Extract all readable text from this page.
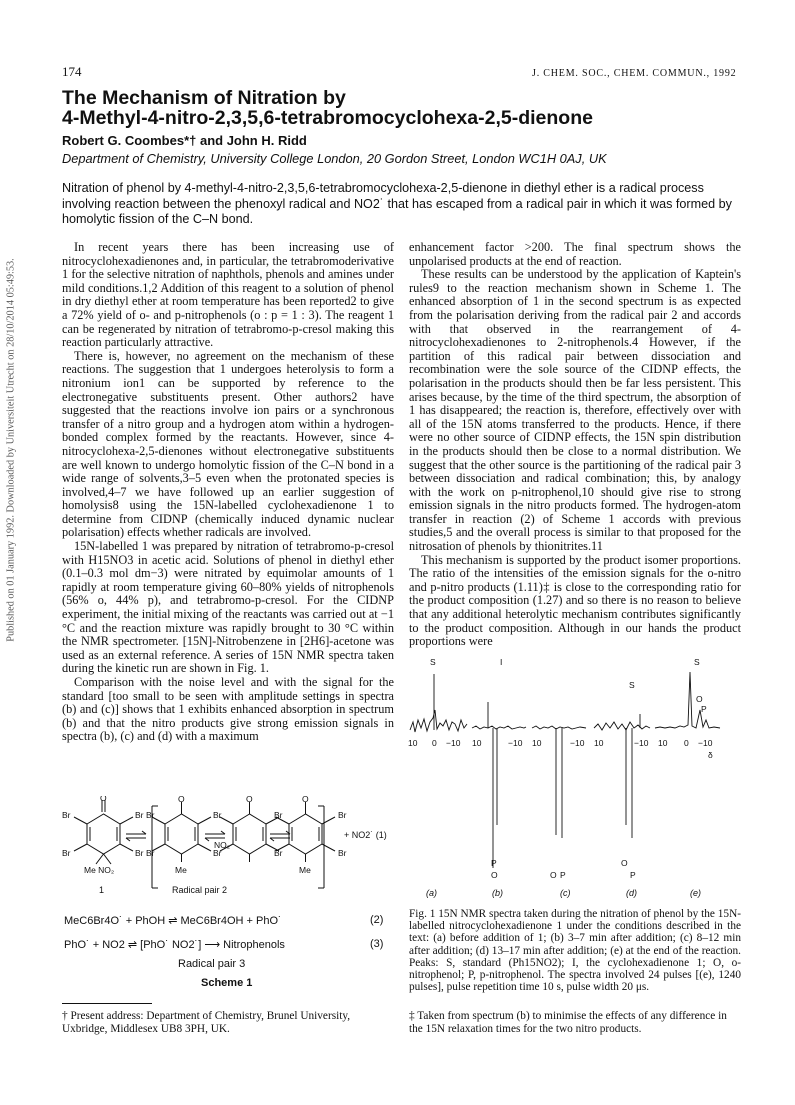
Published on 01 January 1992. Downloaded by Universiteit Utrecht on 28/10/2014 05:49:53.
174	J. CHEM. SOC., CHEM. COMMUN., 1992
The Mechanism of Nitration by
4-Methyl-4-nitro-2,3,5,6-tetrabromocyclohexa-2,5-dienone
Robert G. Coombes*† and John H. Ridd
Department of Chemistry, University College London, 20 Gordon Street, London WC1H 0AJ, UK
Nitration of phenol by 4-methyl-4-nitro-2,3,5,6-tetrabromocyclohexa-2,5-dienone in diethyl ether is a radical process involving reaction between the phenoxyl radical and NO2˙ that has escaped from a radical pair in which it was formed by homolytic fission of the C–N bond.

In recent years there has been increasing use of nitrocyclohexadienones and, in particular, the tetrabromoderivative 1 for the selective nitration of naphthols, phenols and amines under mild conditions.1,2 Addition of this reagent to a solution of phenol in dry diethyl ether at room temperature has been reported2 to give a 72% yield of o- and p-nitrophenols (o : p = 1 : 3). The reagent 1 can be regenerated by nitration of tetrabromo-p-cresol making this reaction particularly attractive.

There is, however, no agreement on the mechanism of these reactions. The suggestion that 1 undergoes heterolysis to form a nitronium ion1 can be supported by reference to the electronegative substituents present. Other authors2 have suggested that the reactions involve ion pairs or a synchronous transfer of a nitro group and a hydrogen atom within a hydrogen-bonded complex formed by the reactants. However, since 4-nitrocyclohexa-2,5-dienones without electronegative substituents are well known to undergo homolytic fission of the C–N bond in a wide range of solvents,3–5 even when the protonated species is involved,4–7 we have followed up an earlier suggestion of homolysis8 using the 15N-labelled cyclohexadienone 1 to determine from CIDNP (chemically induced dynamic nuclear polarisation) effects whether radicals are involved.

15N-labelled 1 was prepared by nitration of tetrabromo-p-cresol with H15NO3 in acetic acid. Solutions of phenol in diethyl ether (0.1–0.3 mol dm−3) were nitrated by equimolar amounts of 1 rapidly at room temperature giving 60–80% yields of nitrophenols (56% o, 44% p), and tetrabromo-p-cresol. For the CIDNP experiment, the initial mixing of the reactants was carried out at −1 °C and the reaction mixture was rapidly brought to 30 °C within the NMR spectrometer. [15N]-Nitrobenzene in [2H6]-acetone was used as an external reference. A series of 15N NMR spectra taken during the kinetic run are shown in Fig. 1.

Comparison with the noise level and with the signal for the standard [too small to be seen with amplitude settings in spectra (b) and (c)] shows that 1 exhibits enhanced absorption in spectrum (b) and that the nitro products give strong emission signals in spectra (b), (c) and (d) with a maximum

enhancement factor >200. The final spectrum shows the unpolarised products at the end of reaction.

These results can be understood by the application of Kaptein's rules9 to the reaction mechanism shown in Scheme 1. The enhanced absorption of 1 in the second spectrum is as expected from the polarisation deriving from the radical pair 2 and accords with that observed in the rearrangement of 4-nitrocyclohexadienones to 2-nitrophenols.4 However, if the partition of this radical pair between dissociation and recombination were the sole source of the CIDNP effects, the polarisation in the products should then be far less persistent. This arises because, by the time of the third spectrum, the absorption of 1 has disappeared; the reaction is, therefore, effectively over with all of the 15N atoms transferred to the products. Hence, if there were no other source of CIDNP effects, the 15N spin distribution in the products should then be close to a normal distribution. We suggest that the other source is the partitioning of the radical pair 3 between dissociation and radical combination; this, by analogy with the work on p-nitrophenol,10 should give rise to strong emission signals in the nitro products formed. The hydrogen-atom transfer in reaction (2) of Scheme 1 accords with previous studies,5 and the overall process is similar to that proposed for the nitrosation of phenols by thionitrites.11

This mechanism is supported by the product isomer proportions. The ratio of the intensities of the emission signals for the o-nitro and p-nitro products (1.11)‡ is close to the corresponding ratio for the product composition (1.27) and so there is no reason to believe that any additional heterolytic mechanism contributes significantly to the product composition. Although in our hands the product proportions were

O
Br	Br
Br	Br
Me NO₂
O
Br	Br
Br	Br
Me
O
NO₂
O
Br	Br
Br	Br
Me
+ NO2˙ (1)
1	Radical pair 2
MeC6Br4O˙ + PhOH ⇌ MeC6Br4OH + PhO˙	(2)
PhO˙ + NO2 ⇌ [PhO˙ NO2˙] ⟶ Nitrophenols	(3)
Radical pair 3
Scheme 1
S	I
S
S
O
P
P
O	O P
O
P
10 0 −10 10	−10 10	−10 10	−10 10 0 −10
δ
(a)	(b)	(c)	(d)	(e)
Fig. 1 15N NMR spectra taken during the nitration of phenol by the 15N-labelled nitrocyclohexadienone 1 under the conditions described in the text: (a) before addition of 1; (b) 3–7 min after addition; (c) 8–12 min after addition; (d) 13–17 min after addition; (e) at the end of the reaction. Peaks: S, standard (Ph15NO2); I, the cyclohexadienone 1; O, o-nitrophenol; P, p-nitrophenol. The spectra involved 24 pulses [(e), 1240 pulses], pulse repetition time 10 s, pulse width 20 μs.
† Present address: Department of Chemistry, Brunel University, Uxbridge, Middlesex UB8 3PH, UK.
‡ Taken from spectrum (b) to minimise the effects of any difference in the 15N relaxation times for the two nitro products.
